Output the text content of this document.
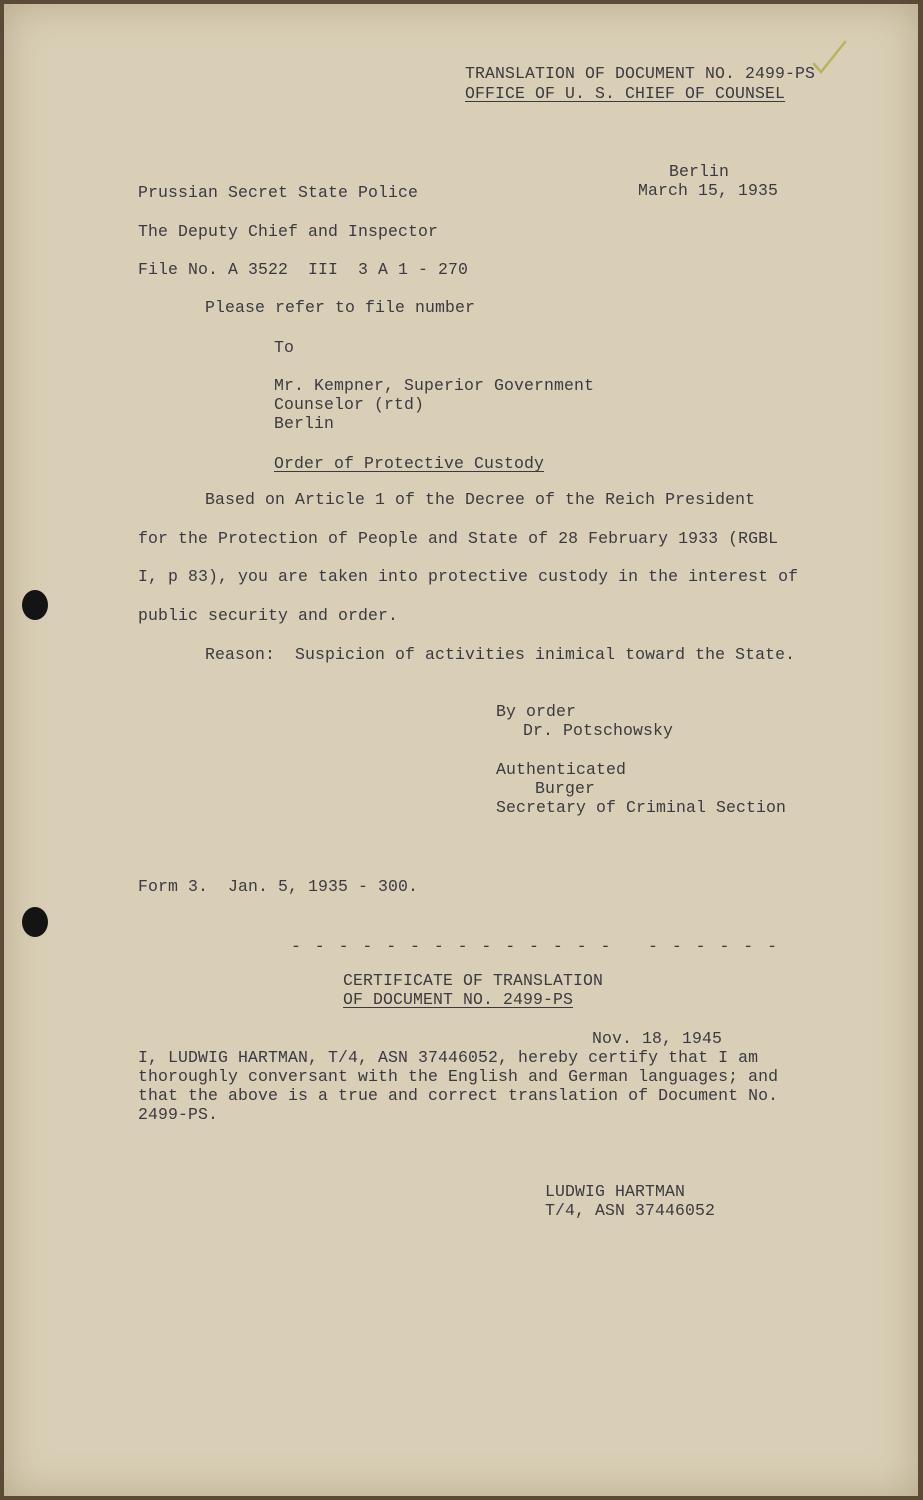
TRANSLATION OF DOCUMENT NO. 2499-PS
OFFICE OF U. S. CHIEF OF COUNSEL
Berlin
March 15, 1935
Prussian Secret State Police
The Deputy Chief and Inspector
File No. A 3522  III  3 A 1 - 270
Please refer to file number
To
Mr. Kempner, Superior Government
Counselor (rtd)
Berlin
Order of Protective Custody
Based on Article 1 of the Decree of the Reich President
for the Protection of People and State of 28 February 1933 (RGBL
I, p 83), you are taken into protective custody in the interest of
public security and order.
Reason:  Suspicion of activities inimical toward the State.
By order
Dr. Potschowsky
Authenticated
Burger
Secretary of Criminal Section
Form 3.  Jan. 5, 1935 - 300.
- - - - - - - - - - - - - -   - - - - - -
CERTIFICATE OF TRANSLATION
OF DOCUMENT NO. 2499-PS
Nov. 18, 1945
I, LUDWIG HARTMAN, T/4, ASN 37446052, hereby certify that I am
thoroughly conversant with the English and German languages; and
that the above is a true and correct translation of Document No.
2499-PS.
LUDWIG HARTMAN
T/4, ASN 37446052
